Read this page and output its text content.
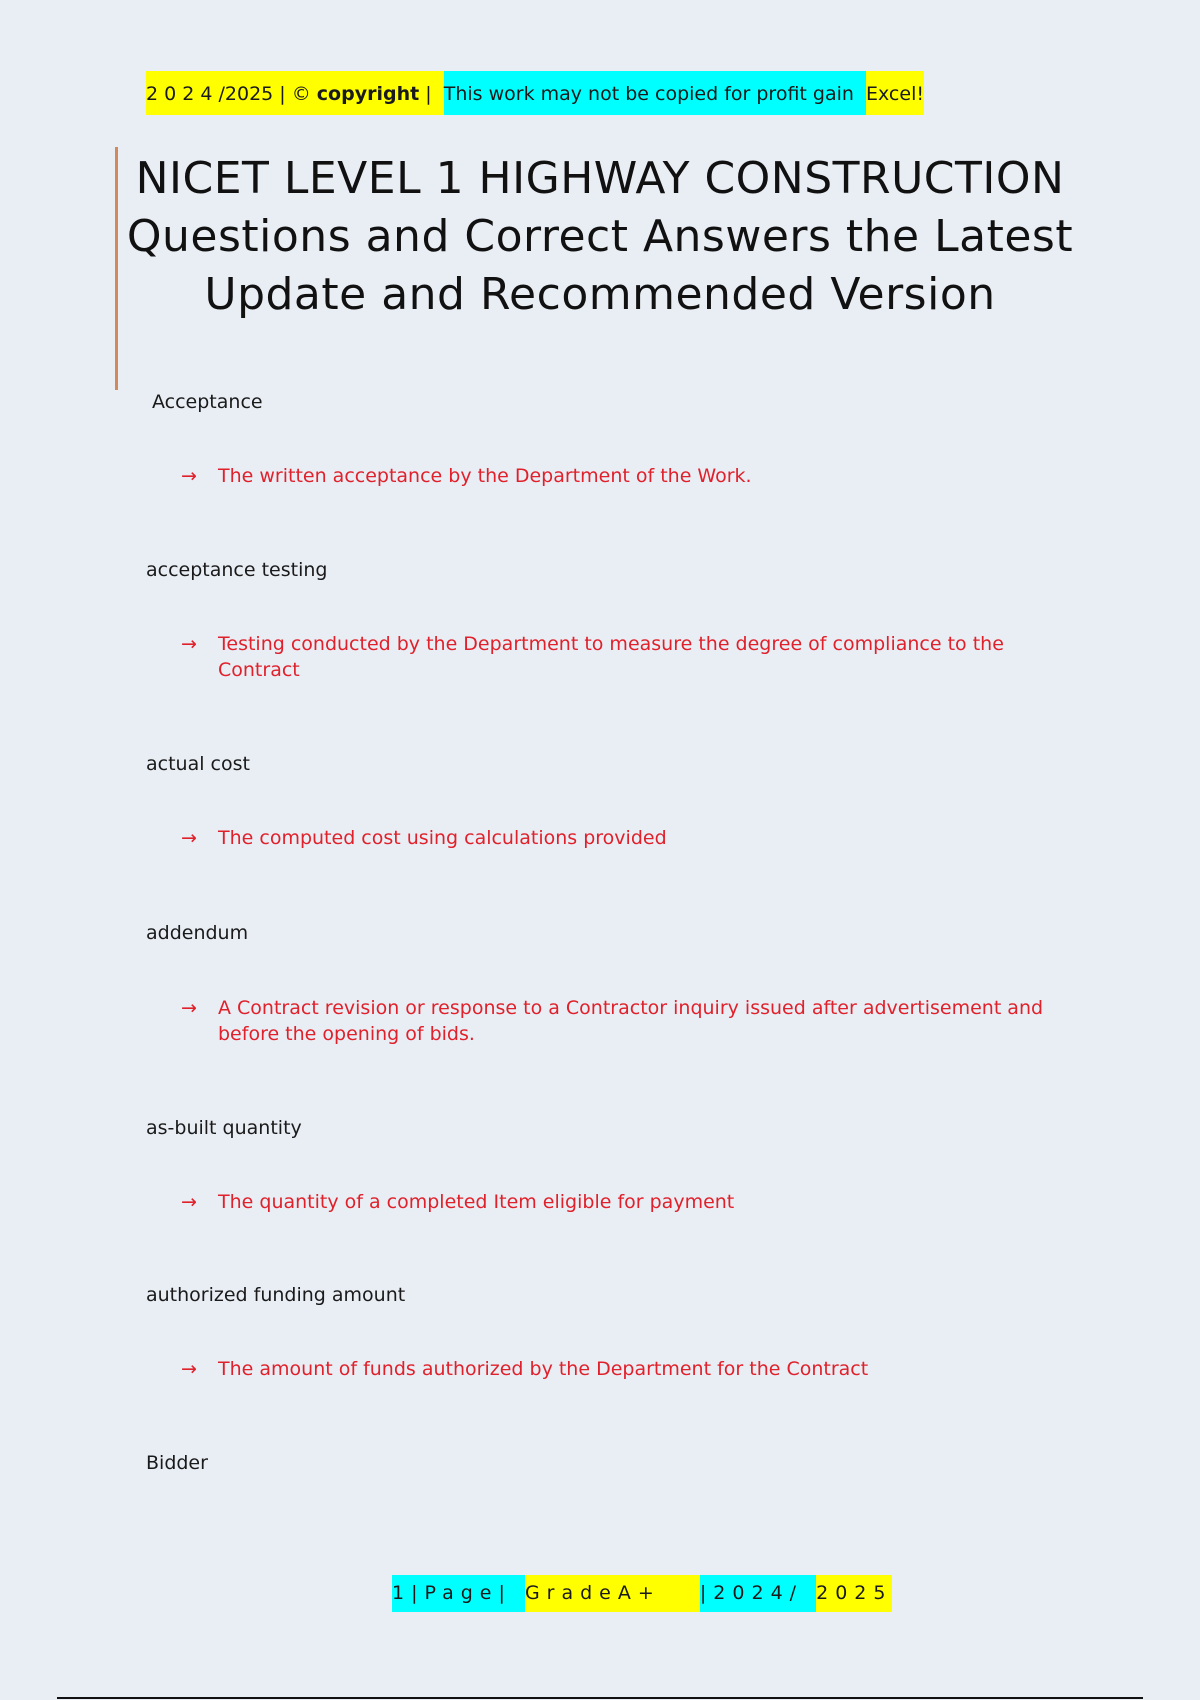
2 0 2 4 /2025 | © copyright | This work may not be copied for profit gain Excel!
NICET LEVEL 1 HIGHWAY CONSTRUCTION Questions and Correct Answers the Latest Update and Recommended Version
Acceptance
→	The written acceptance by the Department of the Work.
acceptance testing
→	Testing conducted by the Department to measure the degree of compliance to the Contract
actual cost
→	The computed cost using calculations provided
addendum
→	A Contract revision or response to a Contractor inquiry issued after advertisement and before the opening of bids.
as-built quantity
→	The quantity of a completed Item eligible for payment
authorized funding amount
→	The amount of funds authorized by the Department for the Contract
Bidder
1|Page| GradeA+ |2024/ 2025
